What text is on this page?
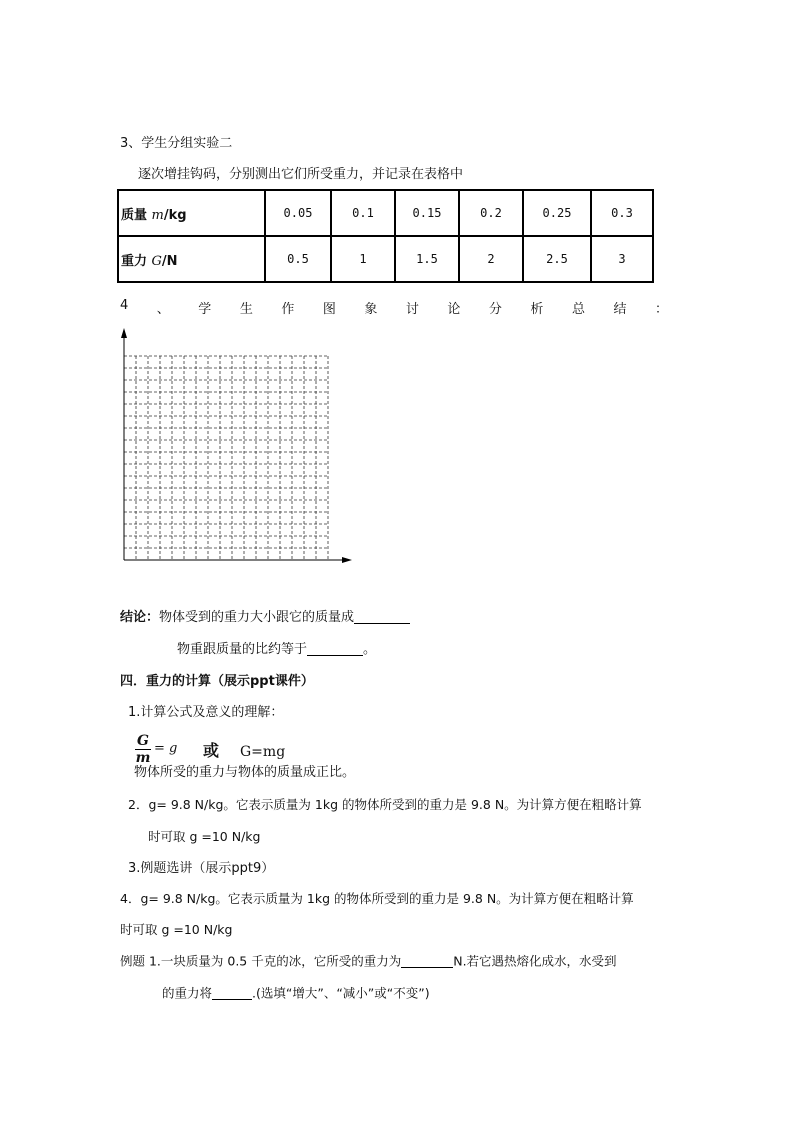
3、学生分组实验二
逐次增挂钩码，分别测出它们所受重力，并记录在表格中
质量 m/kg	0.05	0.1	0.15	0.2	0.25	0.3
重力 G/N	0.5	1	1.5	2	2.5	3
4 、 学 生 作 图 象 讨 论 分 析 总 结 ：
结论：物体受到的重力大小跟它的质量成
物重跟质量的比约等于	。
四．重力的计算（展示ppt课件）
1.计算公式及意义的理解：
G
m
= g 或 G=mg
物体所受的重力与物体的质量成正比。
2．g= 9.8 N/kg。它表示质量为 1kg 的物体所受到的重力是 9.8 N。为计算方便在粗略计算
时可取 g =10 N/kg
3.例题选讲（展示ppt9）
4．g= 9.8 N/kg。它表示质量为 1kg 的物体所受到的重力是 9.8 N。为计算方便在粗略计算
时可取 g =10 N/kg
例题 1.一块质量为 0.5 千克的冰，它所受的重力为	N.若它遇热熔化成水，水受到
的重力将	.(选填“增大”、“减小”或“不变”)
